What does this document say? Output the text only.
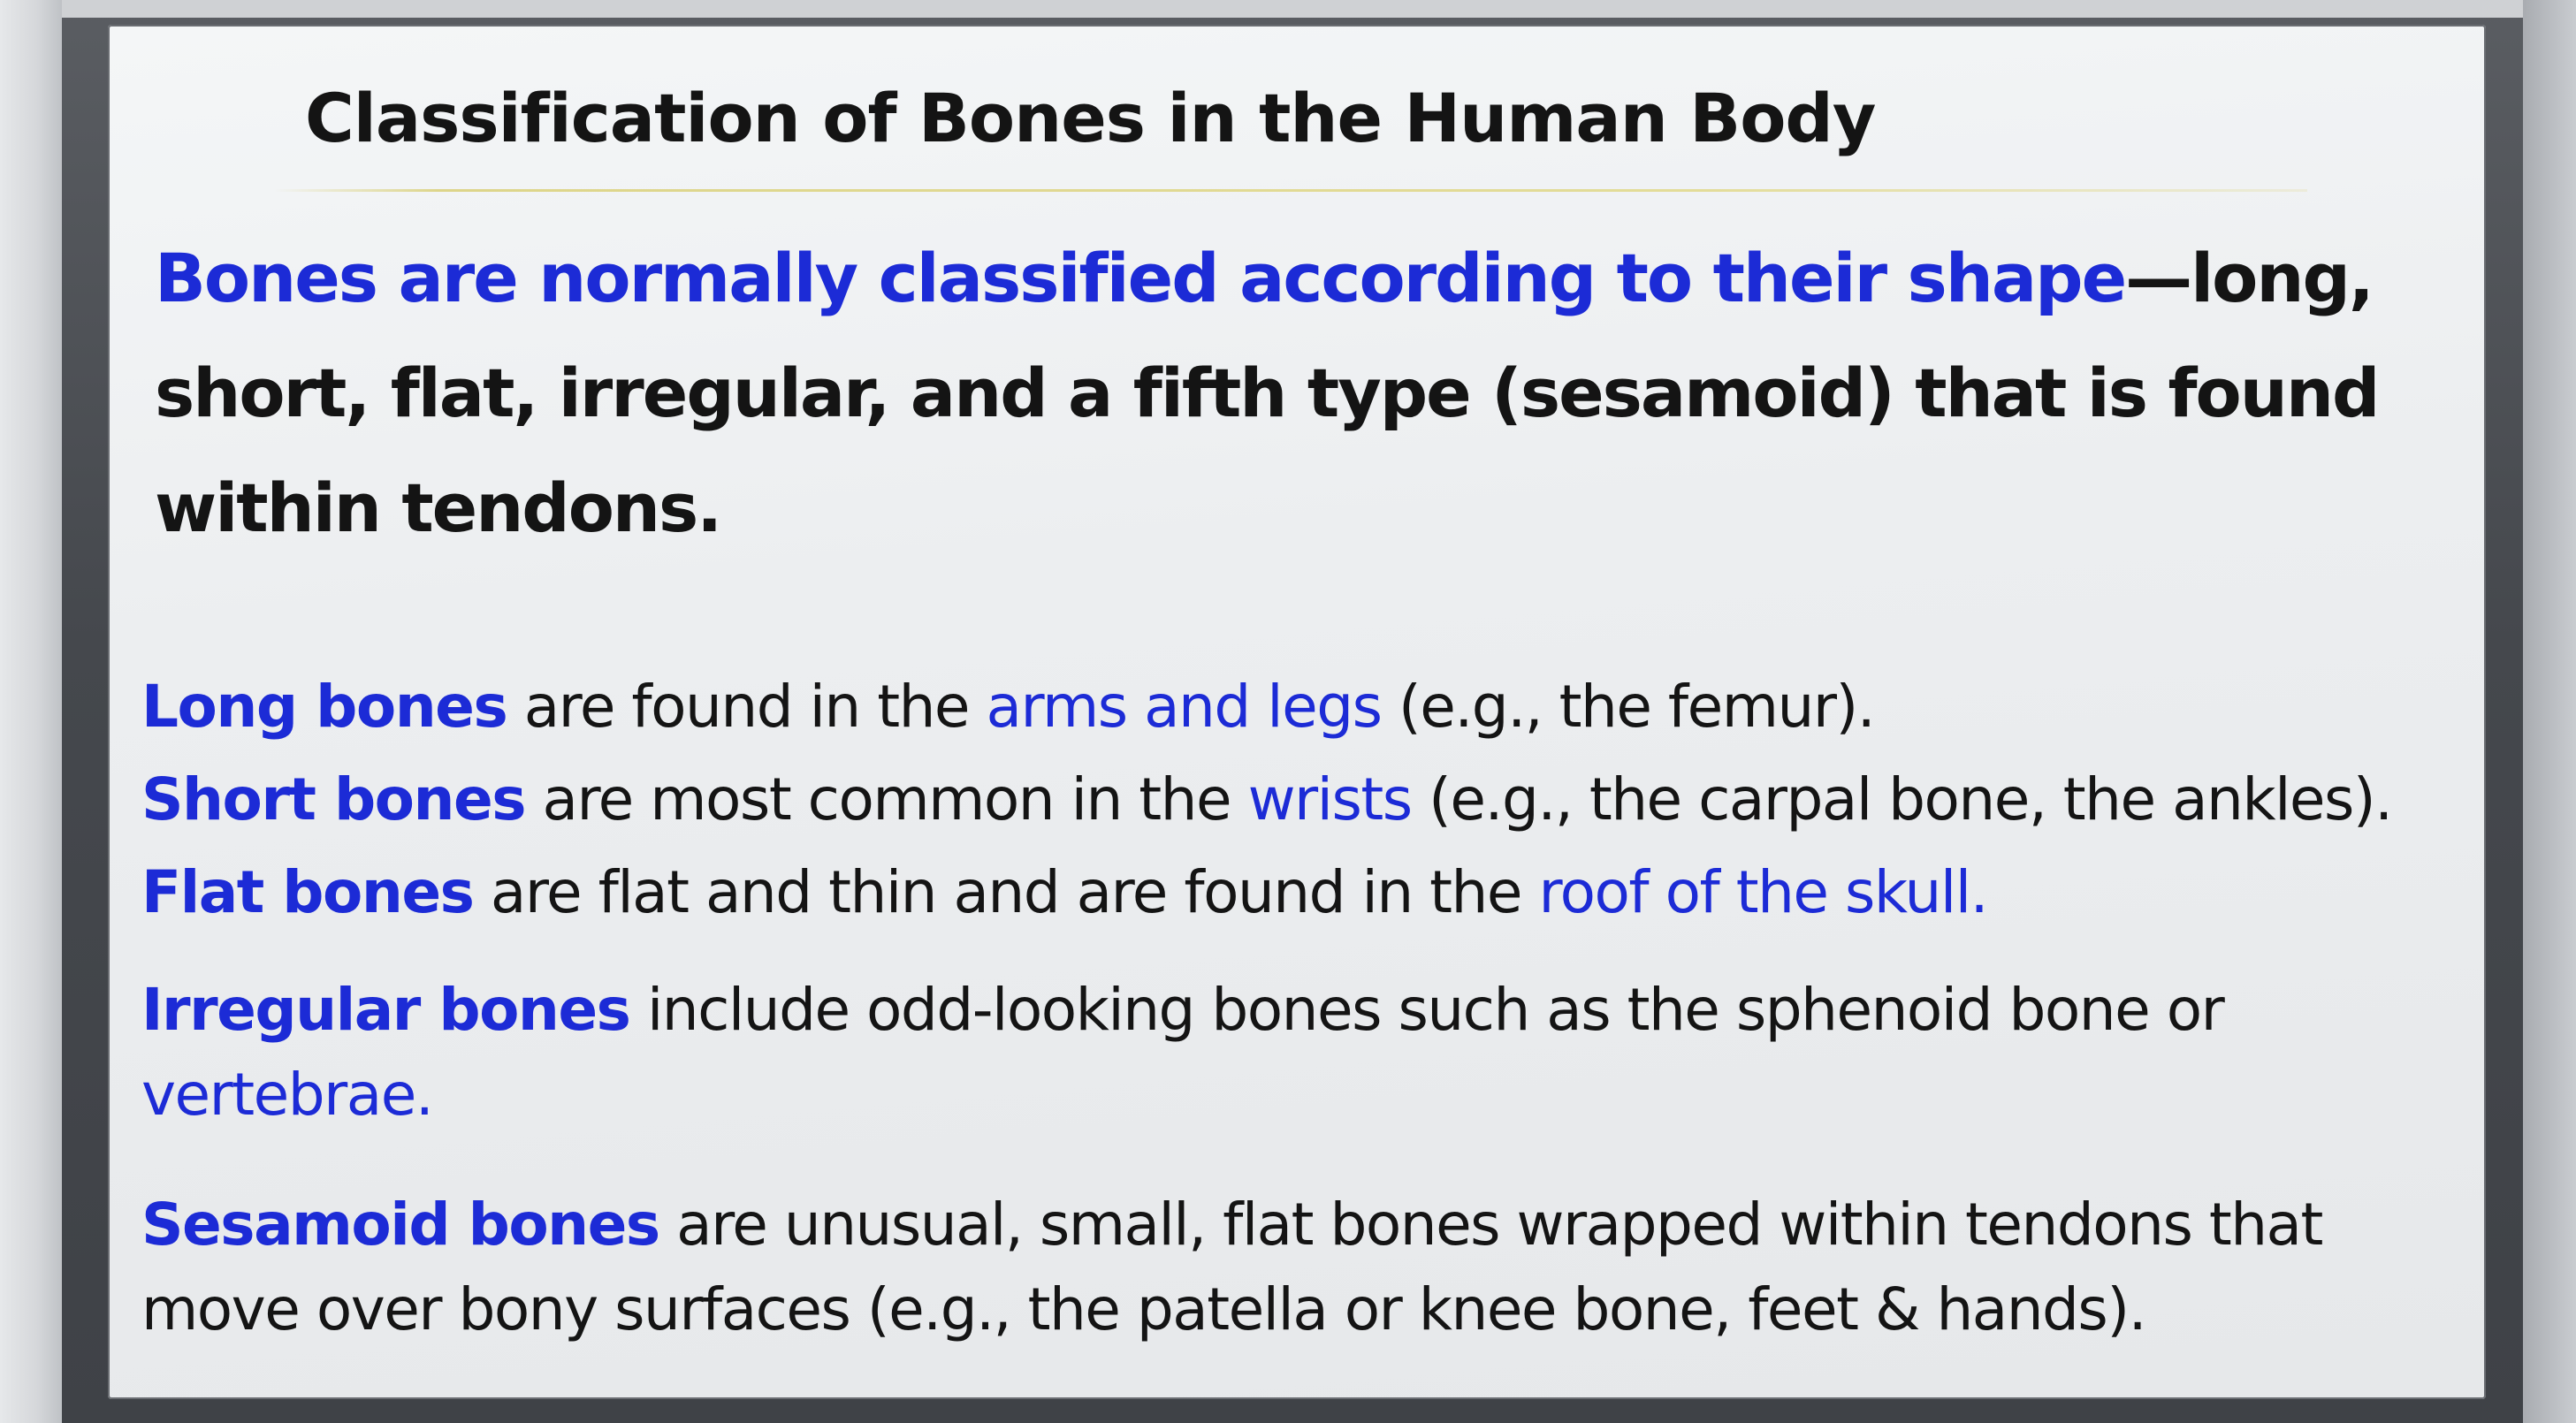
Classification of Bones in the Human Body

Bones are normally classified according to their shape—long, short, flat, irregular, and a fifth type (sesamoid) that is found within tendons.

Long bones are found in the arms and legs (e.g., the femur).

Short bones are most common in the wrists (e.g., the carpal bone, the ankles).

Flat bones are flat and thin and are found in the roof of the skull.

Irregular bones include odd-looking bones such as the sphenoid bone or vertebrae.

Sesamoid bones are unusual, small, flat bones wrapped within tendons that move over bony surfaces (e.g., the patella or knee bone, feet & hands).
